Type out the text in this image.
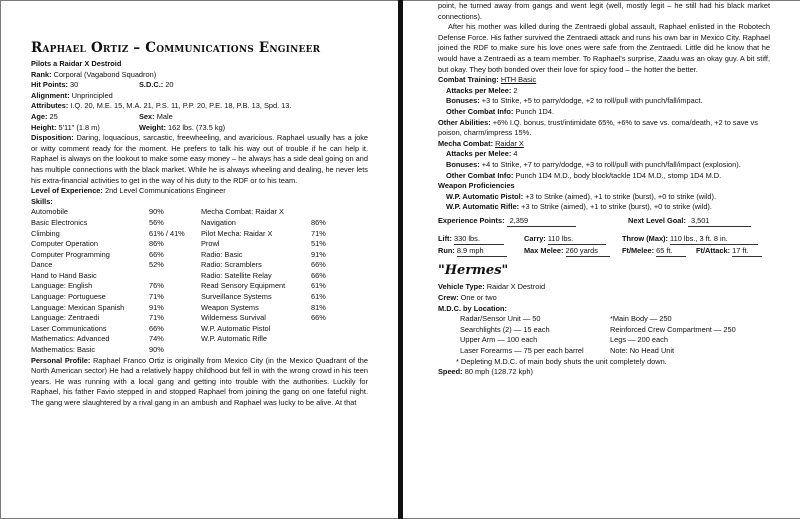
Raphael Ortiz – Communications Engineer
Pilots a Raidar X Destroid
Rank: Corporal (Vagabond Squadron)
Hit Points: 30	S.D.C.: 20
Alignment: Unprincipled
Attributes: I.Q. 20, M.E. 15, M.A. 21, P.S. 11, P.P. 20, P.E. 18, P.B. 13, Spd. 13.
Age: 25	Sex: Male
Height: 5'11" (1.8 m)	Weight: 162 lbs. (73.5 kg)
Disposition: Daring, loquacious, sarcastic, freewheeling, and avaricious. Raphael usually has a joke or witty comment ready for the moment. He prefers to talk his way out of trouble if he can help it. Raphael is always on the lookout to make some easy money – he always has a side deal going on and has multiple connections with the black market. While he is always wheeling and dealing, he never lets his extra-financial activities to get in the way of his duty to the RDF or to his team.
Level of Experience: 2nd Level Communications Engineer
Skills:
Automobile	90%	Mecha Combat: Raidar X	
Basic Electronics	56%	Navigation	86%
Climbing	61% / 41%	Pilot Mecha: Raidar X	71%
Computer Operation	86%	Prowl	51%
Computer Programming	66%	Radio: Basic	91%
Dance	52%	Radio: Scramblers	66%
Hand to Hand Basic		Radio: Satellite Relay	66%
Language: English	76%	Read Sensory Equipment	61%
Language: Portuguese	71%	Surveillance Systems	61%
Language: Mexican Spanish	91%	Weapon Systems	81%
Language: Zentraedi	71%	Wilderness Survival	66%
Laser Communications	66%	W.P. Automatic Pistol	
Mathematics: Advanced	74%	W.P. Automatic Rifle	
Mathematics: Basic	90%		
Personal Profile: Raphael Franco Ortiz is originally from Mexico City (in the Mexico Quadrant of the North American sector) He had a relatively happy childhood but fell in with the wrong crowd in his teen years. He was running with a local gang and getting into trouble with the authorities. Luckily for Raphael, his father Favio stepped in and stopped Raphael from joining the gang on one fateful night. The gang were slaughtered by a rival gang in an ambush and Raphael was lucky to be alive. At that
point, he turned away from gangs and went legit (well, mostly legit – he still had his black market connections).
After his mother was killed during the Zentraedi global assault, Raphael enlisted in the Robotech Defense Force. His father survived the Zentraedi attack and runs his own bar in Mexico City. Raphael joined the RDF to make sure his love ones were safe from the Zentraedi. Little did he know that he would have a Zentraedi as a team member. To Raphael's surprise, Zaadu was an okay guy. A bit stiff, but okay. They both bonded over their love for spicy food – the hotter the better.
Combat Training: HTH Basic
Attacks per Melee: 2
Bonuses: +3 to Strike, +5 to parry/dodge, +2 to roll/pull with punch/fall/impact.
Other Combat Info: Punch 1D4.
Other Abilities: +6% I.Q. bonus, trust/intimidate 65%, +6% to save vs. coma/death, +2 to save vs poison, charm/impress 15%.
Mecha Combat: Raidar X
Attacks per Melee: 4
Bonuses: +4 to Strike, +7 to parry/dodge, +3 to roll/pull with punch/fall/impact (explosion).
Other Combat Info: Punch 1D4 M.D., body block/tackle 1D4 M.D., stomp 1D4 M.D.
Weapon Proficiencies
W.P. Automatic Pistol: +3 to Strike (aimed), +1 to strike (burst), +0 to strike (wild).
W.P. Automatic Rifle: +3 to Strike (aimed), +1 to strike (burst), +0 to strike (wild).
Experience Points: 2,359	Next Level Goal: 3,501
Lift: 330 lbs.	Carry: 110 lbs.	Throw (Max): 110 lbs., 3 ft. 8 in.	
Run: 8.9 mph	Max Melee: 260 yards	Ft/Melee: 65 ft.	Ft/Attack: 17 ft.
"Hermes"
Vehicle Type: Raidar X Destroid
Crew: One or two
M.D.C. by Location:
Radar/Sensor Unit — 50	*Main Body — 250
Searchlights (2) — 15 each	Reinforced Crew Compartment — 250
Upper Arm — 100 each	Legs — 200 each
Laser Forearms — 75 per each barrel	Note: No Head Unit
* Depleting M.D.C. of main body shuts the unit completely down.
Speed: 80 mph (128.72 kph)
